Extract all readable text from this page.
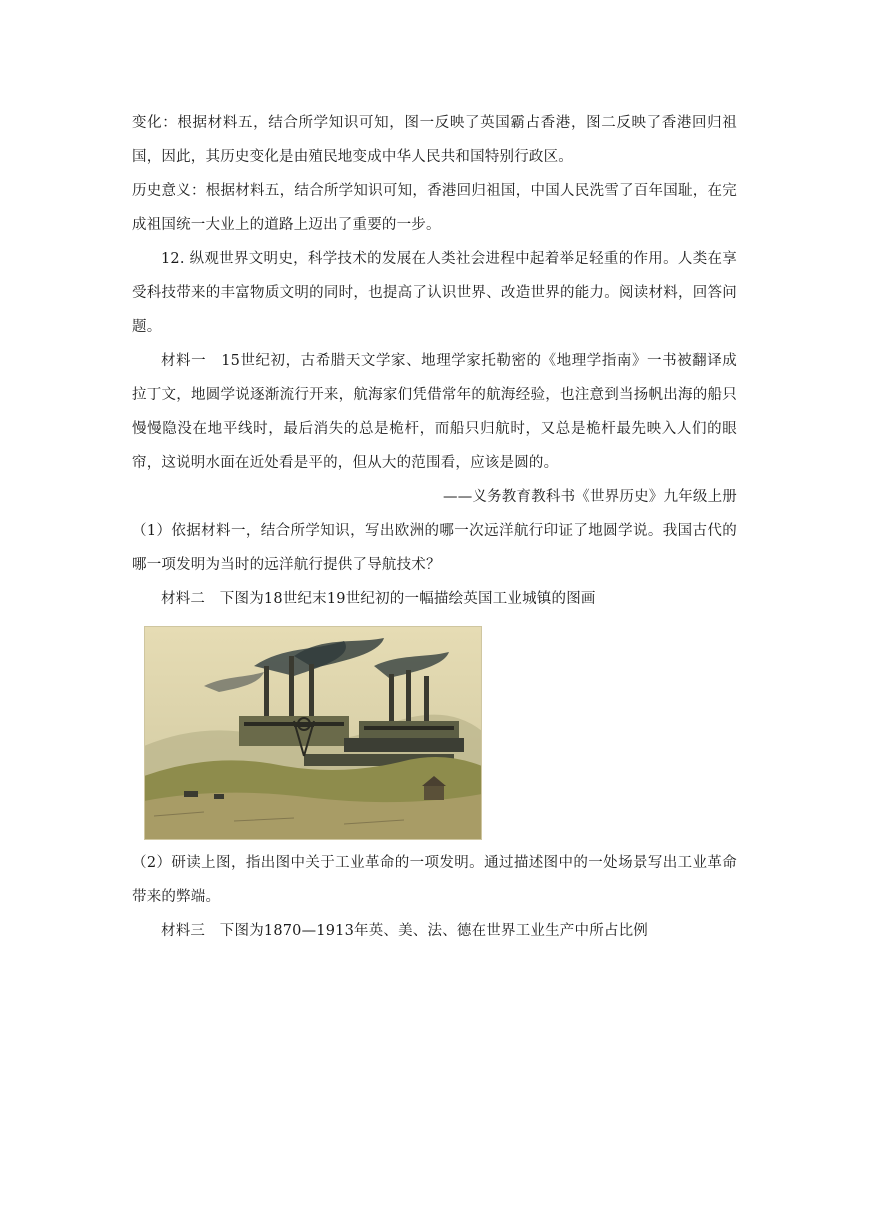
变化：根据材料五，结合所学知识可知，图一反映了英国霸占香港，图二反映了香港回归祖国，因此，其历史变化是由殖民地变成中华人民共和国特别行政区。

历史意义：根据材料五，结合所学知识可知，香港回归祖国，中国人民洗雪了百年国耻，在完成祖国统一大业上的道路上迈出了重要的一步。

12. 纵观世界文明史，科学技术的发展在人类社会进程中起着举足轻重的作用。人类在享受科技带来的丰富物质文明的同时，也提高了认识世界、改造世界的能力。阅读材料，回答问题。

材料一　15世纪初，古希腊天文学家、地理学家托勒密的《地理学指南》一书被翻译成拉丁文，地圆学说逐渐流行开来，航海家们凭借常年的航海经验，也注意到当扬帆出海的船只慢慢隐没在地平线时，最后消失的总是桅杆，而船只归航时，又总是桅杆最先映入人们的眼帘，这说明水面在近处看是平的，但从大的范围看，应该是圆的。

——义务教育教科书《世界历史》九年级上册

（1）依据材料一，结合所学知识，写出欧洲的哪一次远洋航行印证了地圆学说。我国古代的哪一项发明为当时的远洋航行提供了导航技术？

材料二　下图为18世纪末19世纪初的一幅描绘英国工业城镇的图画

（2）研读上图，指出图中关于工业革命的一项发明。通过描述图中的一处场景写出工业革命带来的弊端。

材料三　下图为1870—1913年英、美、法、德在世界工业生产中所占比例
